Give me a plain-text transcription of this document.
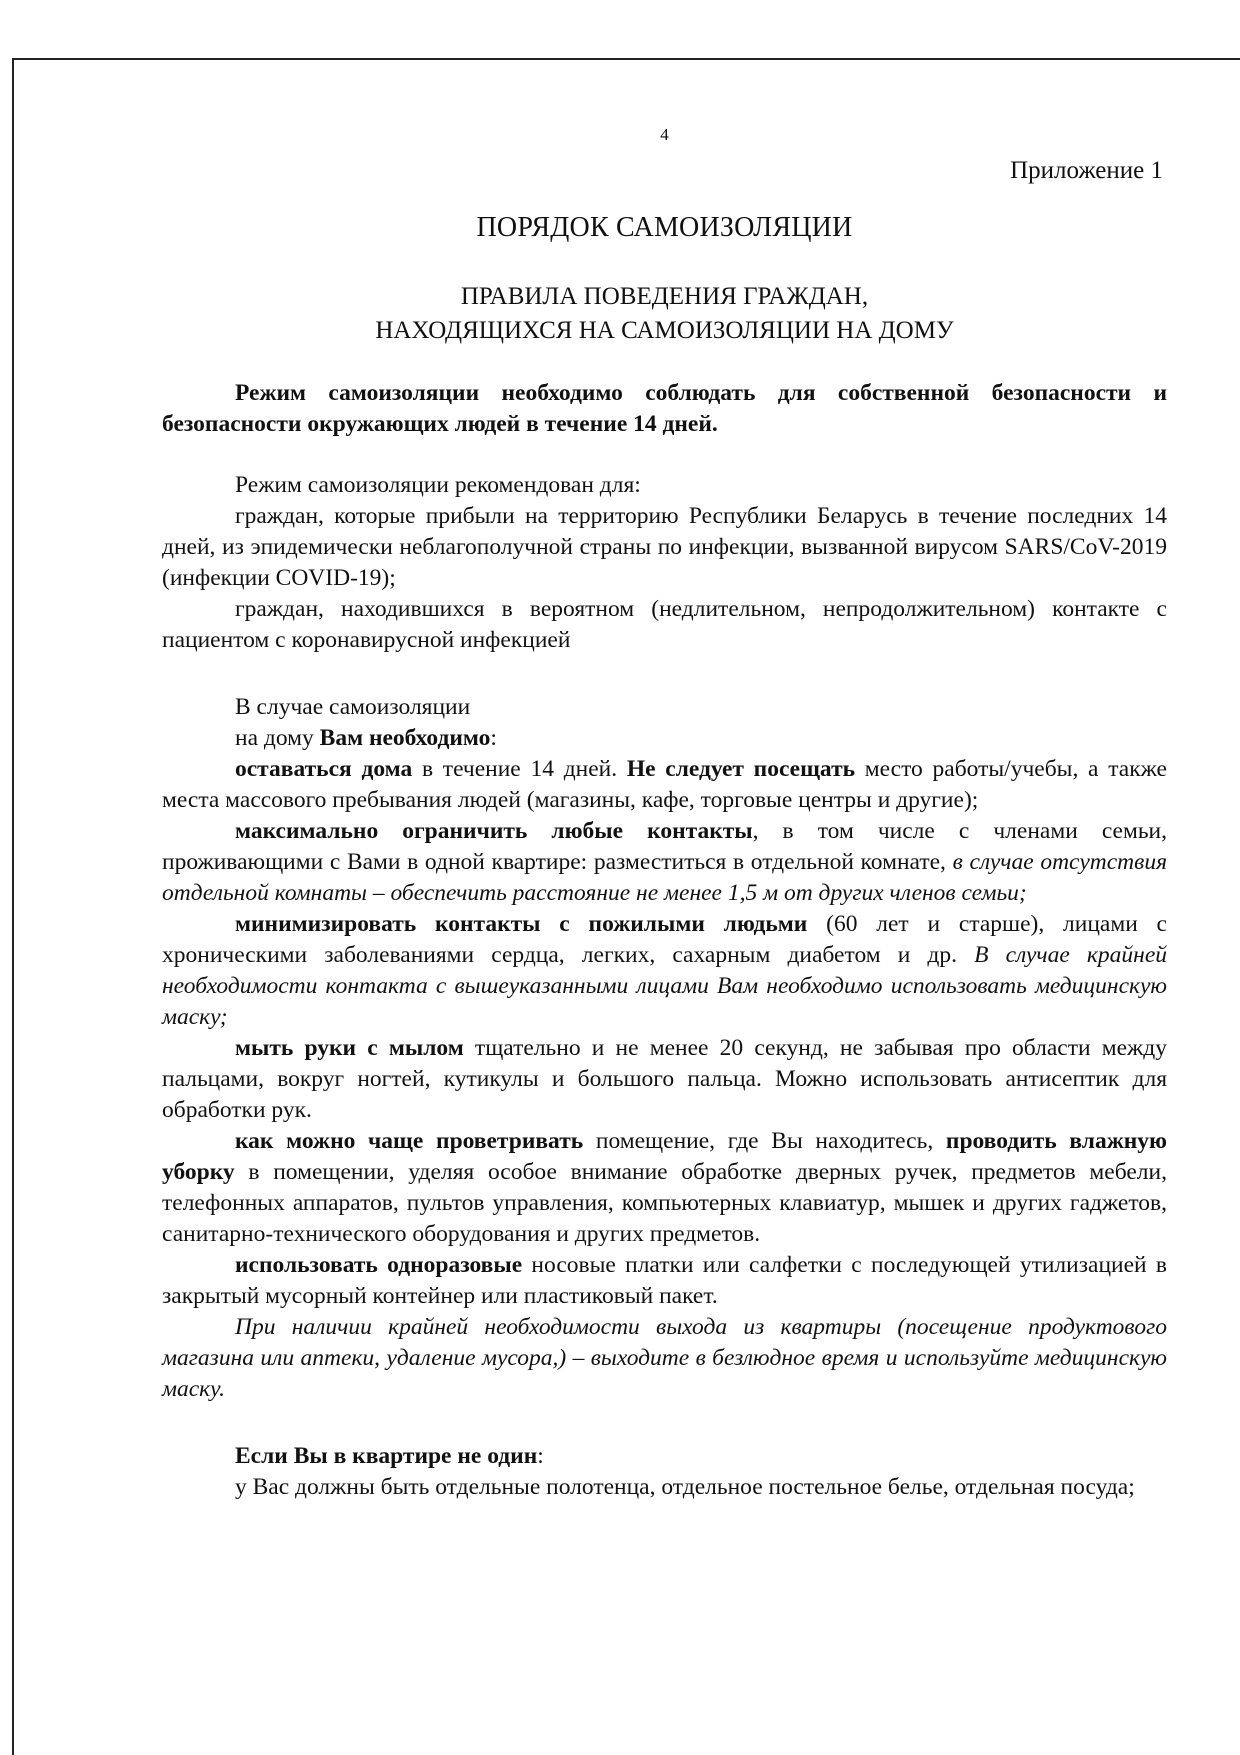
4
Приложение 1
ПОРЯДОК САМОИЗОЛЯЦИИ
ПРАВИЛА ПОВЕДЕНИЯ ГРАЖДАН,
НАХОДЯЩИХСЯ НА САМОИЗОЛЯЦИИ НА ДОМУ

Режим самоизоляции необходимо соблюдать для собственной безопасности и безопасности окружающих людей в течение 14 дней.

Режим самоизоляции рекомендован для:

граждан, которые прибыли на территорию Республики Беларусь в течение последних 14 дней, из эпидемически неблагополучной страны по инфекции, вызванной вирусом SARS/CoV-2019 (инфекции COVID-19);

граждан, находившихся в вероятном (недлительном, непродолжительном) контакте с пациентом с коронавирусной инфекцией

В случае самоизоляции

на дому Вам необходимо:

оставаться дома в течение 14 дней. Не следует посещать место работы/учебы, а также места массового пребывания людей (магазины, кафе, торговые центры и другие);

максимально ограничить любые контакты, в том числе с членами семьи, проживающими с Вами в одной квартире: разместиться в отдельной комнате, в случае отсутствия отдельной комнаты – обеспечить расстояние не менее 1,5 м от других членов семьи;

минимизировать контакты с пожилыми людьми (60 лет и старше), лицами с хроническими заболеваниями сердца, легких, сахарным диабетом и др. В случае крайней необходимости контакта с вышеуказанными лицами Вам необходимо использовать медицинскую маску;

мыть руки с мылом тщательно и не менее 20 секунд, не забывая про области между пальцами, вокруг ногтей, кутикулы и большого пальца. Можно использовать антисептик для обработки рук.

как можно чаще проветривать помещение, где Вы находитесь, проводить влажную уборку в помещении, уделяя особое внимание обработке дверных ручек, предметов мебели, телефонных аппаратов, пультов управления, компьютерных клавиатур, мышек и других гаджетов, санитарно-технического оборудования и других предметов.

использовать одноразовые носовые платки или салфетки с последующей утилизацией в закрытый мусорный контейнер или пластиковый пакет.

При наличии крайней необходимости выхода из квартиры (посещение продуктового магазина или аптеки, удаление мусора,) – выходите в безлюдное время и используйте медицинскую маску.

Если Вы в квартире не один:

у Вас должны быть отдельные полотенца, отдельное постельное белье, отдельная посуда;
